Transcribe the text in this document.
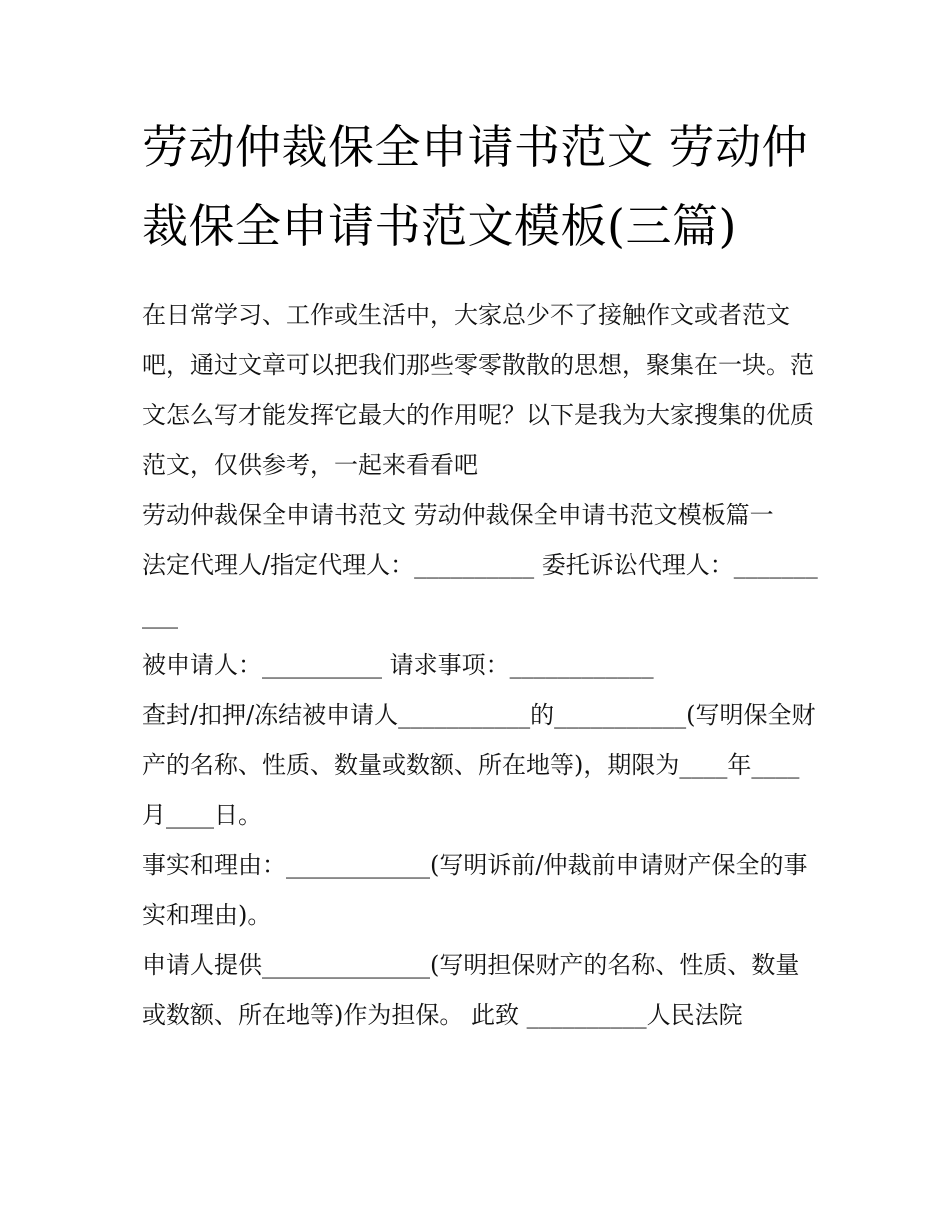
劳动仲裁保全申请书范文 劳动仲裁保全申请书范文模板(三篇)

在日常学习、工作或生活中，大家总少不了接触作文或者范文吧，通过文章可以把我们那些零零散散的思想，聚集在一块。范文怎么写才能发挥它最大的作用呢？以下是我为大家搜集的优质范文，仅供参考，一起来看看吧

劳动仲裁保全申请书范文 劳动仲裁保全申请书范文模板篇一

法定代理人/指定代理人：__________ 委托诉讼代理人：__________

被申请人：__________ 请求事项：____________

查封/扣押/冻结被申请人___________的___________(写明保全财产的名称、性质、数量或数额、所在地等)，期限为____年____月____日。

事实和理由：____________(写明诉前/仲裁前申请财产保全的事实和理由)。

申请人提供______________(写明担保财产的名称、性质、数量或数额、所在地等)作为担保。 此致 __________人民法院
